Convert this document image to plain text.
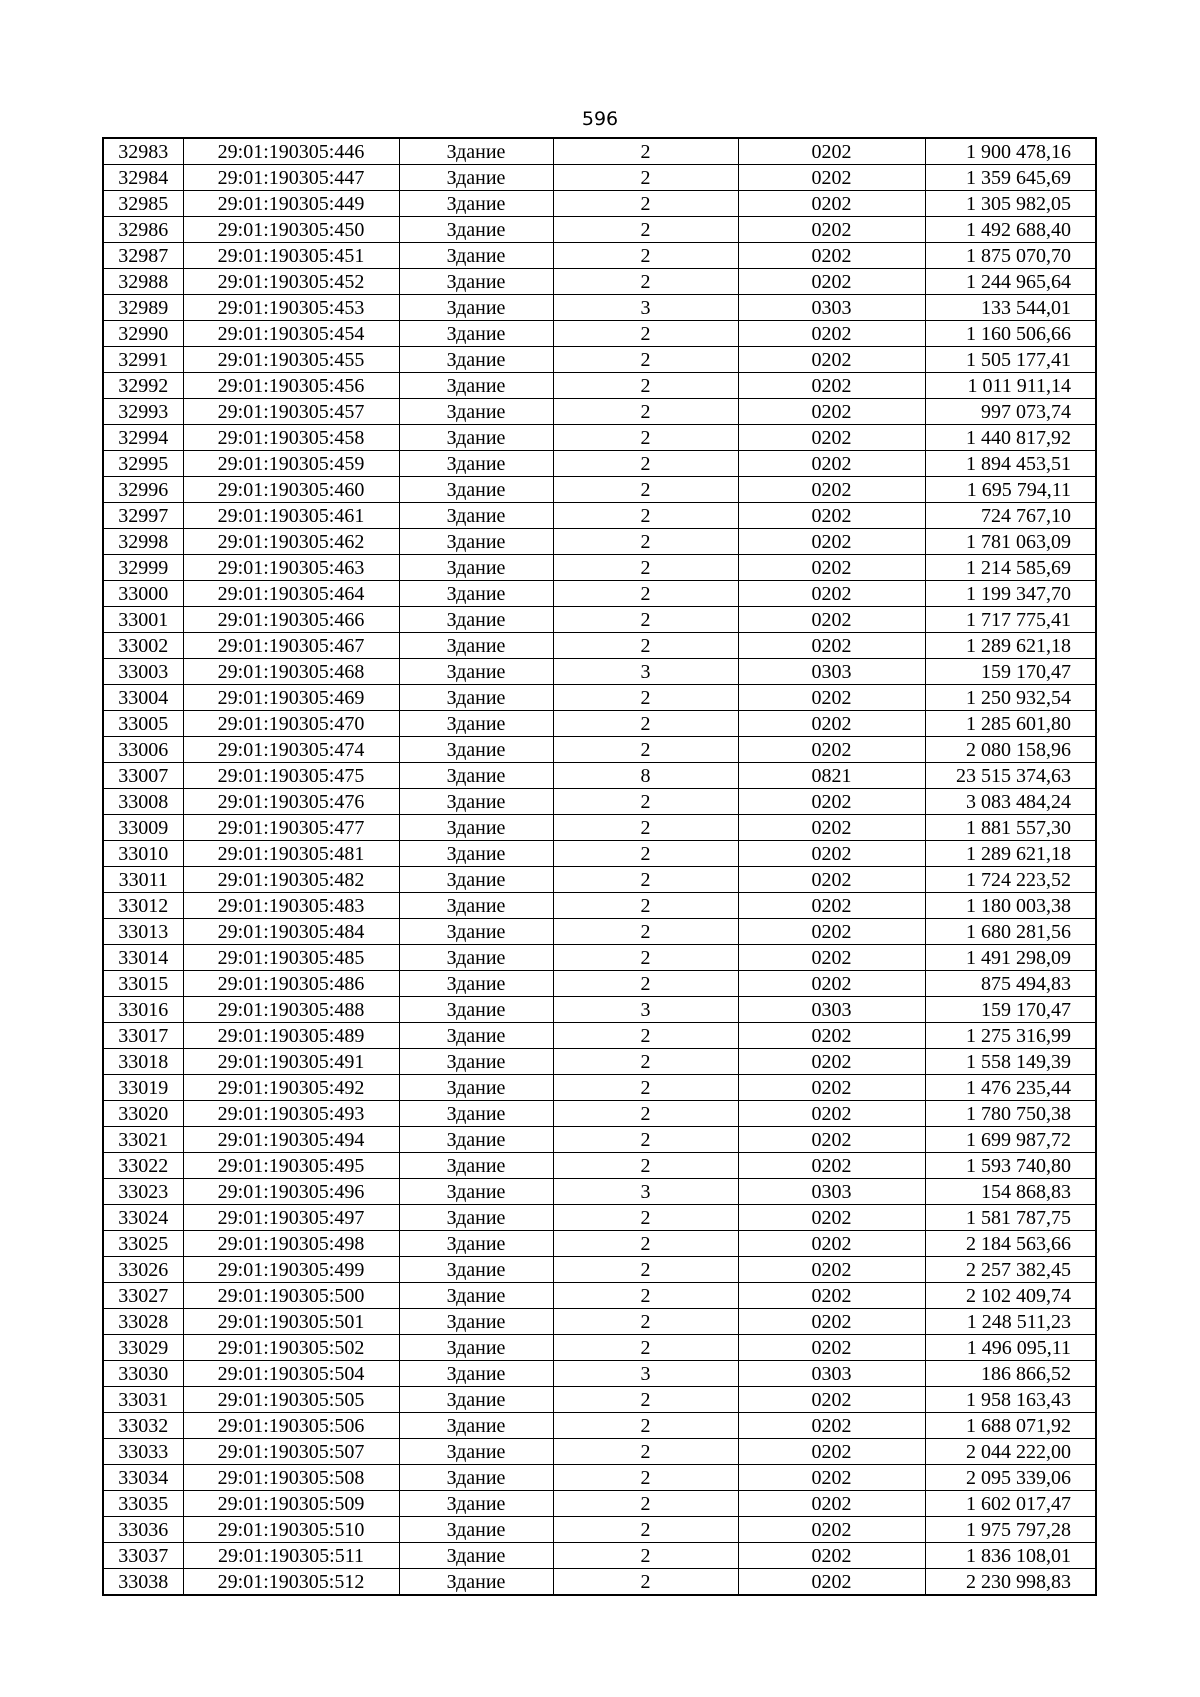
596
32983	29:01:190305:446	Здание	2	0202	1 900 478,16
32984	29:01:190305:447	Здание	2	0202	1 359 645,69
32985	29:01:190305:449	Здание	2	0202	1 305 982,05
32986	29:01:190305:450	Здание	2	0202	1 492 688,40
32987	29:01:190305:451	Здание	2	0202	1 875 070,70
32988	29:01:190305:452	Здание	2	0202	1 244 965,64
32989	29:01:190305:453	Здание	3	0303	133 544,01
32990	29:01:190305:454	Здание	2	0202	1 160 506,66
32991	29:01:190305:455	Здание	2	0202	1 505 177,41
32992	29:01:190305:456	Здание	2	0202	1 011 911,14
32993	29:01:190305:457	Здание	2	0202	997 073,74
32994	29:01:190305:458	Здание	2	0202	1 440 817,92
32995	29:01:190305:459	Здание	2	0202	1 894 453,51
32996	29:01:190305:460	Здание	2	0202	1 695 794,11
32997	29:01:190305:461	Здание	2	0202	724 767,10
32998	29:01:190305:462	Здание	2	0202	1 781 063,09
32999	29:01:190305:463	Здание	2	0202	1 214 585,69
33000	29:01:190305:464	Здание	2	0202	1 199 347,70
33001	29:01:190305:466	Здание	2	0202	1 717 775,41
33002	29:01:190305:467	Здание	2	0202	1 289 621,18
33003	29:01:190305:468	Здание	3	0303	159 170,47
33004	29:01:190305:469	Здание	2	0202	1 250 932,54
33005	29:01:190305:470	Здание	2	0202	1 285 601,80
33006	29:01:190305:474	Здание	2	0202	2 080 158,96
33007	29:01:190305:475	Здание	8	0821	23 515 374,63
33008	29:01:190305:476	Здание	2	0202	3 083 484,24
33009	29:01:190305:477	Здание	2	0202	1 881 557,30
33010	29:01:190305:481	Здание	2	0202	1 289 621,18
33011	29:01:190305:482	Здание	2	0202	1 724 223,52
33012	29:01:190305:483	Здание	2	0202	1 180 003,38
33013	29:01:190305:484	Здание	2	0202	1 680 281,56
33014	29:01:190305:485	Здание	2	0202	1 491 298,09
33015	29:01:190305:486	Здание	2	0202	875 494,83
33016	29:01:190305:488	Здание	3	0303	159 170,47
33017	29:01:190305:489	Здание	2	0202	1 275 316,99
33018	29:01:190305:491	Здание	2	0202	1 558 149,39
33019	29:01:190305:492	Здание	2	0202	1 476 235,44
33020	29:01:190305:493	Здание	2	0202	1 780 750,38
33021	29:01:190305:494	Здание	2	0202	1 699 987,72
33022	29:01:190305:495	Здание	2	0202	1 593 740,80
33023	29:01:190305:496	Здание	3	0303	154 868,83
33024	29:01:190305:497	Здание	2	0202	1 581 787,75
33025	29:01:190305:498	Здание	2	0202	2 184 563,66
33026	29:01:190305:499	Здание	2	0202	2 257 382,45
33027	29:01:190305:500	Здание	2	0202	2 102 409,74
33028	29:01:190305:501	Здание	2	0202	1 248 511,23
33029	29:01:190305:502	Здание	2	0202	1 496 095,11
33030	29:01:190305:504	Здание	3	0303	186 866,52
33031	29:01:190305:505	Здание	2	0202	1 958 163,43
33032	29:01:190305:506	Здание	2	0202	1 688 071,92
33033	29:01:190305:507	Здание	2	0202	2 044 222,00
33034	29:01:190305:508	Здание	2	0202	2 095 339,06
33035	29:01:190305:509	Здание	2	0202	1 602 017,47
33036	29:01:190305:510	Здание	2	0202	1 975 797,28
33037	29:01:190305:511	Здание	2	0202	1 836 108,01
33038	29:01:190305:512	Здание	2	0202	2 230 998,83
